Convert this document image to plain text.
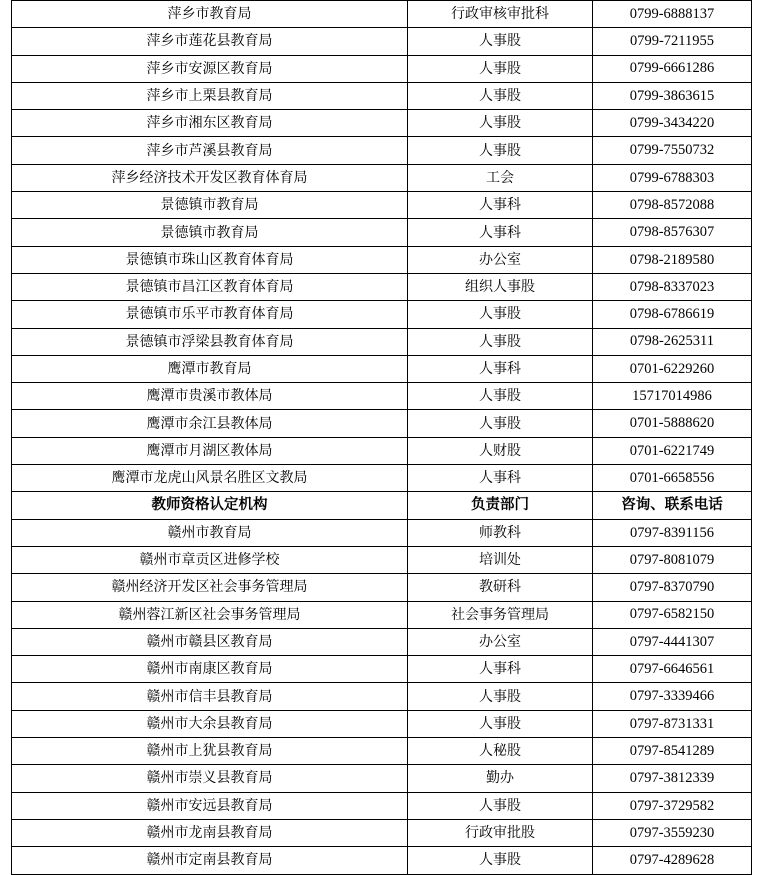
萍乡市教育局	行政审核审批科	0799-6888137
萍乡市莲花县教育局	人事股	0799-7211955
萍乡市安源区教育局	人事股	0799-6661286
萍乡市上栗县教育局	人事股	0799-3863615
萍乡市湘东区教育局	人事股	0799-3434220
萍乡市芦溪县教育局	人事股	0799-7550732
萍乡经济技术开发区教育体育局	工会	0799-6788303
景德镇市教育局	人事科	0798-8572088
景德镇市教育局	人事科	0798-8576307
景德镇市珠山区教育体育局	办公室	0798-2189580
景德镇市昌江区教育体育局	组织人事股	0798-8337023
景德镇市乐平市教育体育局	人事股	0798-6786619
景德镇市浮梁县教育体育局	人事股	0798-2625311
鹰潭市教育局	人事科	0701-6229260
鹰潭市贵溪市教体局	人事股	15717014986
鹰潭市余江县教体局	人事股	0701-5888620
鹰潭市月湖区教体局	人财股	0701-6221749
鹰潭市龙虎山风景名胜区文教局	人事科	0701-6658556
教师资格认定机构	负责部门	咨询、联系电话
赣州市教育局	师教科	0797-8391156
赣州市章贡区进修学校	培训处	0797-8081079
赣州经济开发区社会事务管理局	教研科	0797-8370790
赣州蓉江新区社会事务管理局	社会事务管理局	0797-6582150
赣州市赣县区教育局	办公室	0797-4441307
赣州市南康区教育局	人事科	0797-6646561
赣州市信丰县教育局	人事股	0797-3339466
赣州市大余县教育局	人事股	0797-8731331
赣州市上犹县教育局	人秘股	0797-8541289
赣州市崇义县教育局	勤办	0797-3812339
赣州市安远县教育局	人事股	0797-3729582
赣州市龙南县教育局	行政审批股	0797-3559230
赣州市定南县教育局	人事股	0797-4289628
